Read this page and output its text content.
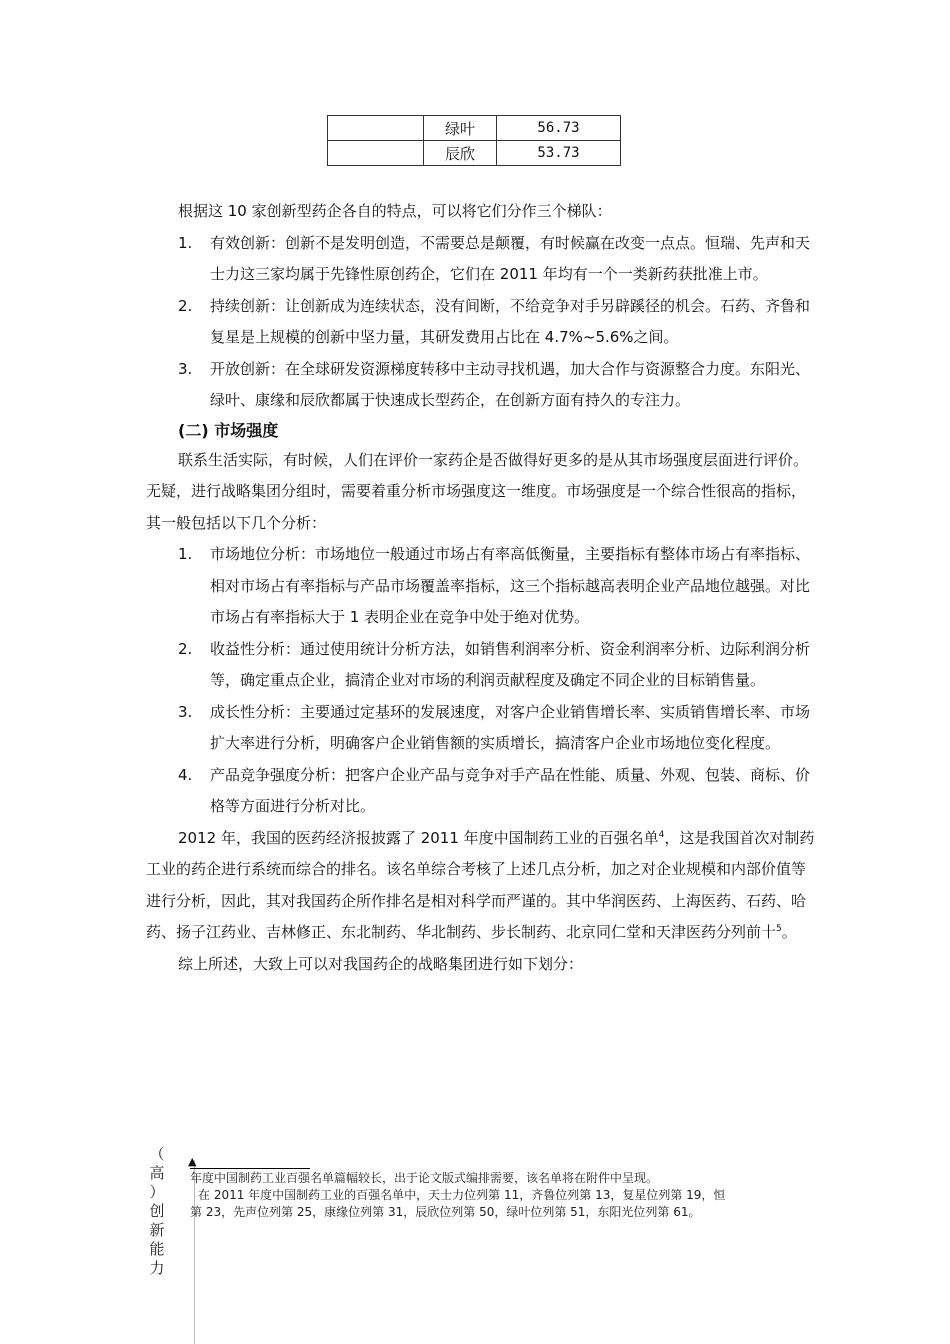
	绿叶	56.73
	辰欣	53.73

根据这 10 家创新型药企各自的特点，可以将它们分作三个梯队：

1. 有效创新：创新不是发明创造，不需要总是颠覆，有时候赢在改变一点点。恒瑞、先声和天士力这三家均属于先锋性原创药企，它们在 2011 年均有一个一类新药获批准上市。
2. 持续创新：让创新成为连续状态，没有间断，不给竞争对手另辟蹊径的机会。石药、齐鲁和复星是上规模的创新中坚力量，其研发费用占比在 4.7%~5.6%之间。
3. 开放创新：在全球研发资源梯度转移中主动寻找机遇，加大合作与资源整合力度。东阳光、绿叶、康缘和辰欣都属于快速成长型药企，在创新方面有持久的专注力。
(二) 市场强度

联系生活实际，有时候，人们在评价一家药企是否做得好更多的是从其市场强度层面进行评价。无疑，进行战略集团分组时，需要着重分析市场强度这一维度。市场强度是一个综合性很高的指标，其一般包括以下几个分析：

1. 市场地位分析：市场地位一般通过市场占有率高低衡量，主要指标有整体市场占有率指标、相对市场占有率指标与产品市场覆盖率指标，这三个指标越高表明企业产品地位越强。对比市场占有率指标大于 1 表明企业在竞争中处于绝对优势。
2. 收益性分析：通过使用统计分析方法，如销售利润率分析、资金利润率分析、边际利润分析等，确定重点企业，搞清企业对市场的利润贡献程度及确定不同企业的目标销售量。
3. 成长性分析：主要通过定基环的发展速度，对客户企业销售增长率、实质销售增长率、市场扩大率进行分析，明确客户企业销售额的实质增长，搞清客户企业市场地位变化程度。
4. 产品竞争强度分析：把客户企业产品与竞争对手产品在性能、质量、外观、包装、商标、价格等方面进行分析对比。

2012 年，我国的医药经济报披露了 2011 年度中国制药工业的百强名单$^4$，这是我国首次对制药工业的药企进行系统而综合的排名。该名单综合考核了上述几点分析，加之对企业规模和内部价值等进行分析，因此，其对我国药企所作排名是相对科学而严谨的。其中华润医药、上海医药、石药、哈药、扬子江药业、吉林修正、东北制药、华北制药、步长制药、北京同仁堂和天津医药分列前十$^5$。

综上所述，大致上可以对我国药企的战略集团进行如下划分：

（
高
）
创
新
能
力
▲

年度中国制药工业百强名单篇幅较长，出于论文版式编排需要，该名单将在附件中呈现。

在 2011 年度中国制药工业的百强名单中，天士力位列第 11，齐鲁位列第 13，复星位列第 19，恒

第 23，先声位列第 25，康缘位列第 31，辰欣位列第 50，绿叶位列第 51，东阳光位列第 61。
